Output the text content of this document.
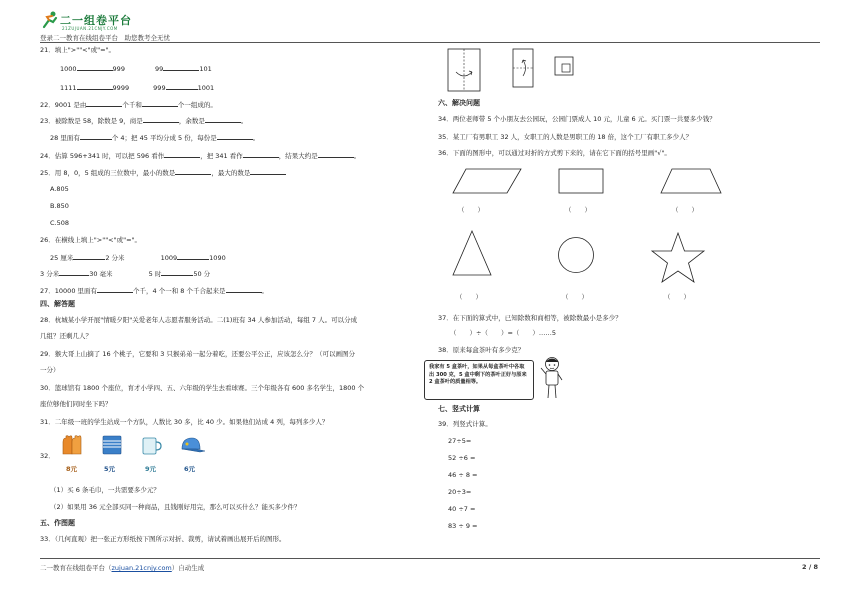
二一组卷平台
21ZUJUAN.21CNJY.COM
登录二一教育在线组卷平台　助您教考全无忧
21．填上">""<"或"="。
1000	999	99	101
1111	9999	999	1001
22．9001 是由	个千和	个一组成的。
23．被除数是 58，除数是 9，商是	，余数是	。
28 里面有	个 4；把 45 平均分成 5 份，每份是	。
24．估算 596+341 时，可以把 596 看作	，把 341 看作	，结果大约是	。
25．用 8，0，5 组成的三位数中，最小的数是	，最大的数是
A.805
B.850
C.508
26．在横线上填上">""<"或"="。
25 厘米	2 分米	1009	1090
3 分米	30 毫米	5 时	50 分
27．10000 里面有	个千，4 个一和 8 个千合起来是	。
四、解答题
28．杭城某小学开展"情暖夕阳"关爱老年人志愿者服务活动。二(1)班有 34 人参加活动，每组 7 人。可以分成
几组？还剩几人？
29．猴大哥上山摘了 16 个桃子，它要和 3 只猴弟弟一起分着吃，还要公平公正，应该怎么分？（可以画图分
一分）
30．篮球馆有 1800 个座位，育才小学四、五、六年级的学生去看球赛。三个年级各有 600 多名学生，1800 个
座位够他们同时坐下吗？
31．二年级一班的学生站成一个方队，人数比 30 多，比 40 少。如果他们站成 4 列，每列多少人？
32．
8元	5元	9元	6元
（1）买 6 条毛巾，一共需要多少元？
（2）如果用 36 元全部买同一种商品，且钱刚好用完，那么可以买什么？能买多少件？
五、作图题
33．（几何直观）把一张正方形纸按下图所示对折、裁剪，请试着画出展开后的图形。
六、解决问题
34．两位老师带 5 个小朋友去公园玩，公园门票成人 10 元，儿童 6 元。买门票一共要多少钱？
35．某工厂有男职工 32 人，女职工的人数是男职工的 18 倍，这个工厂有职工多少人？
36．下面的图形中，可以通过对折的方式剪下来的，请在它下面的括号里画"√"。
（　　）	（　　）	（　　）
（　　）	（　　）	（　　）
37．在下面的算式中，已知除数和商相等，被除数最小是多少？
（　　）÷（　　）=（　　）……5
38．原来每盒茶叶有多少克？
我家有 5 盒茶叶，如果从每盒茶叶中各取出 300 克，5 盒中剩下的茶叶正好与原来 2 盒茶叶的质量相等。
七、竖式计算
39．列竖式计算。
27÷5=
52 ÷6 =
46 ÷ 8 =
20÷3=
40 ÷7 =
83 ÷ 9 =
二一教育在线组卷平台（zujuan.21cnjy.com）自动生成	2 / 8
